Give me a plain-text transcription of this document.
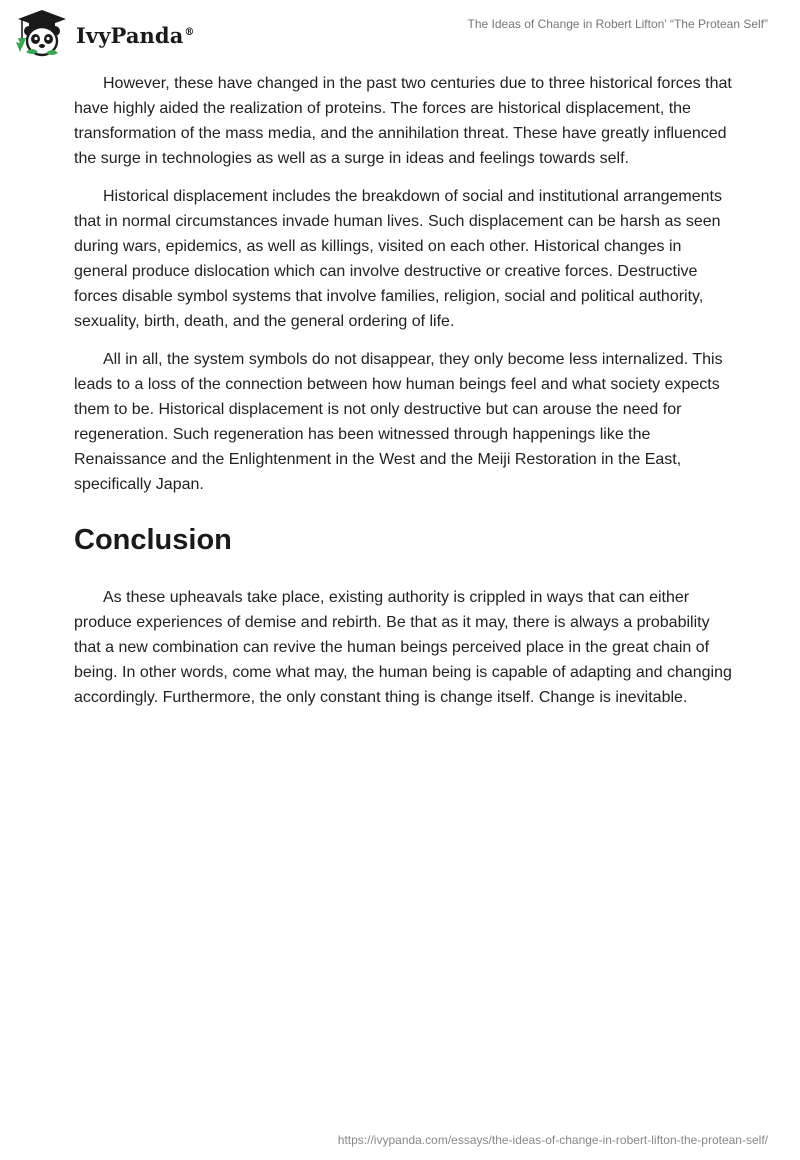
IvyPanda®
The Ideas of Change in Robert Lifton' “The Protean Self”

However, these have changed in the past two centuries due to three historical forces that have highly aided the realization of proteins. The forces are historical displacement, the transformation of the mass media, and the annihilation threat. These have greatly influenced the surge in technologies as well as a surge in ideas and feelings towards self.

Historical displacement includes the breakdown of social and institutional arrangements that in normal circumstances invade human lives. Such displacement can be harsh as seen during wars, epidemics, as well as killings, visited on each other. Historical changes in general produce dislocation which can involve destructive or creative forces. Destructive forces disable symbol systems that involve families, religion, social and political authority, sexuality, birth, death, and the general ordering of life.

All in all, the system symbols do not disappear, they only become less internalized. This leads to a loss of the connection between how human beings feel and what society expects them to be. Historical displacement is not only destructive but can arouse the need for regeneration. Such regeneration has been witnessed through happenings like the Renaissance and the Enlightenment in the West and the Meiji Restoration in the East, specifically Japan.

Conclusion

As these upheavals take place, existing authority is crippled in ways that can either produce experiences of demise and rebirth. Be that as it may, there is always a probability that a new combination can revive the human beings perceived place in the great chain of being. In other words, come what may, the human being is capable of adapting and changing accordingly. Furthermore, the only constant thing is change itself. Change is inevitable.

https://ivypanda.com/essays/the-ideas-of-change-in-robert-lifton-the-protean-self/
